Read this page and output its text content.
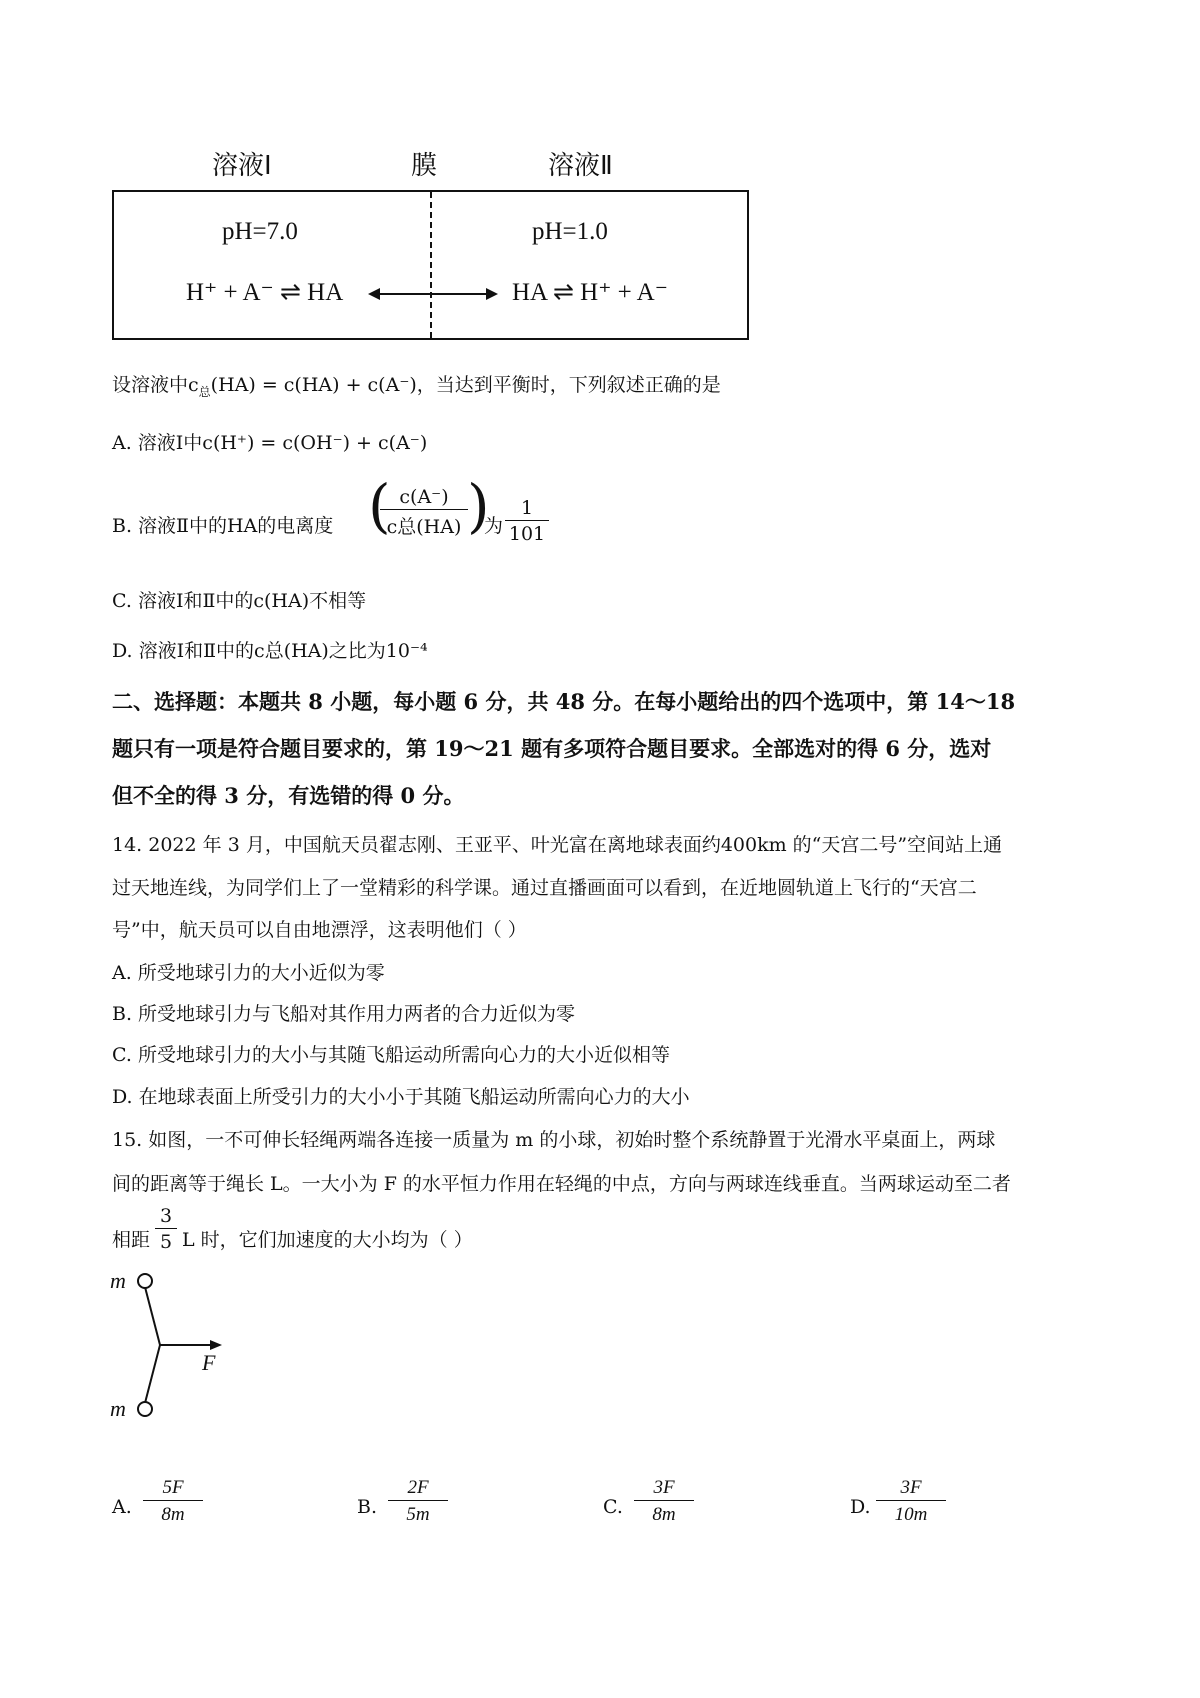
溶液Ⅰ	膜	溶液Ⅱ
pH=7.0	pH=1.0
H⁺ + A⁻ ⇌ HA	HA ⇌ H⁺ + A⁻
设溶液中$c_总(HA) = c(HA) + c(A^-)$，当达到平衡时，下列叙述正确的是
A. 溶液Ⅰ中c(H⁺) = c(OH⁻) + c(A⁻)
B. 溶液Ⅱ中的HA的电离度 ( c(A⁻)
c总(HA) )
为 $\frac{1}{101}$
C. 溶液Ⅰ和Ⅱ中的c(HA)不相等
D. 溶液Ⅰ和Ⅱ中的c总(HA)之比为10⁻⁴
二、选择题：本题共 8 小题，每小题 6 分，共 48 分。在每小题给出的四个选项中，第 14～18
题只有一项是符合题目要求的，第 19～21 题有多项符合题目要求。全部选对的得 6 分，选对
但不全的得 3 分，有选错的得 0 分。
14. 2022 年 3 月，中国航天员翟志刚、王亚平、叶光富在离地球表面约400km 的“天宫二号”空间站上通
过天地连线，为同学们上了一堂精彩的科学课。通过直播画面可以看到，在近地圆轨道上飞行的“天宫二
号”中，航天员可以自由地漂浮，这表明他们（ ）
A. 所受地球引力的大小近似为零
B. 所受地球引力与飞船对其作用力两者的合力近似为零
C. 所受地球引力的大小与其随飞船运动所需向心力的大小近似相等
D. 在地球表面上所受引力的大小小于其随飞船运动所需向心力的大小
15. 如图，一不可伸长轻绳两端各连接一质量为 m 的小球，初始时整个系统静置于光滑水平桌面上，两球
间的距离等于绳长 L。一大小为 F 的水平恒力作用在轻绳的中点，方向与两球连线垂直。当两球运动至二者
相距 $\frac{3}{5}$ L 时，它们加速度的大小均为（ ）
m
m
F
A. $\frac{5F}{8m}$	B. $\frac{2F}{5m}$	C. $\frac{3F}{8m}$	D. $\frac{3F}{10m}$
